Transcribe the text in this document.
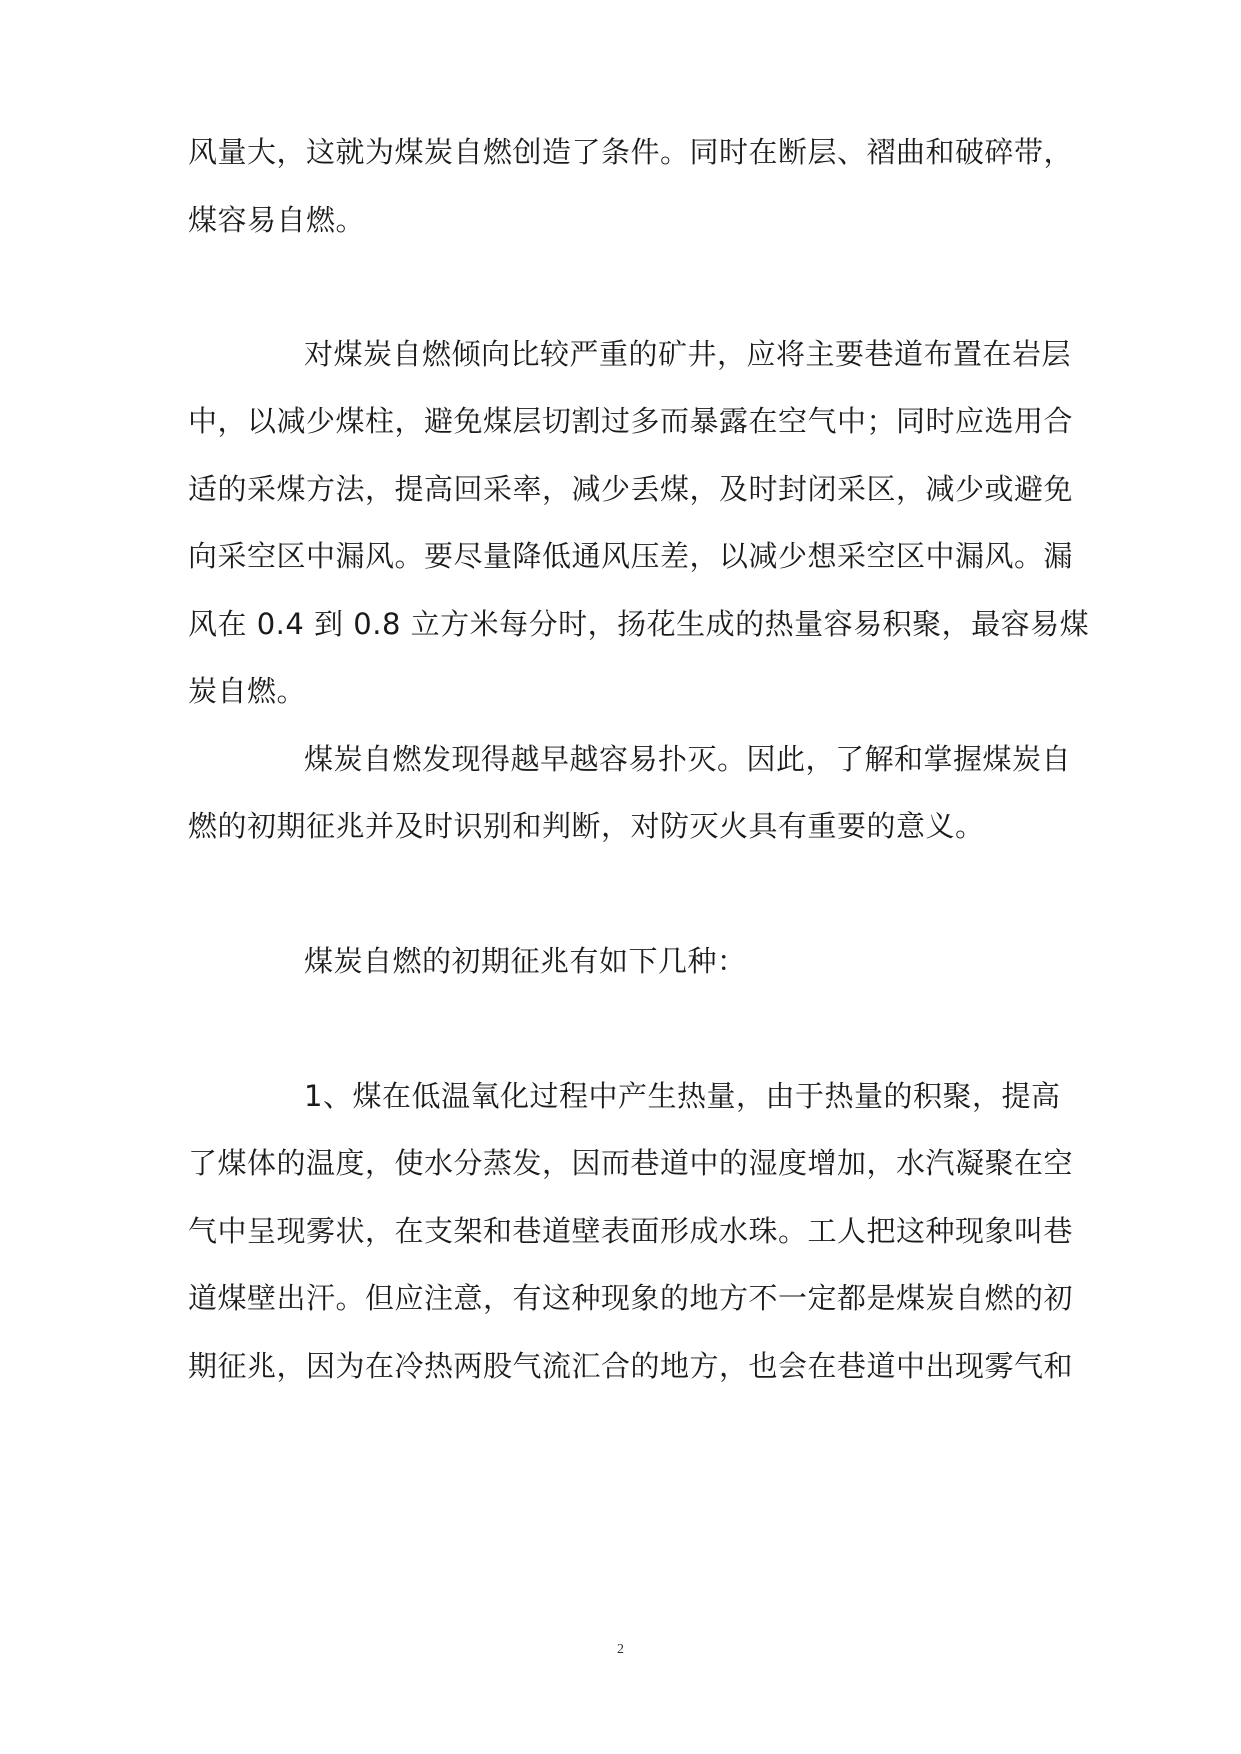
风量大，这就为煤炭自燃创造了条件。同时在断层、褶曲和破碎带，
煤容易自燃。
对煤炭自燃倾向比较严重的矿井，应将主要巷道布置在岩层
中，以减少煤柱，避免煤层切割过多而暴露在空气中；同时应选用合
适的采煤方法，提高回采率，减少丢煤，及时封闭采区，减少或避免
向采空区中漏风。要尽量降低通风压差，以减少想采空区中漏风。漏
风在 0.4 到 0.8 立方米每分时，扬花生成的热量容易积聚，最容易煤
炭自燃。
煤炭自燃发现得越早越容易扑灭。因此，了解和掌握煤炭自
燃的初期征兆并及时识别和判断，对防灭火具有重要的意义。
煤炭自燃的初期征兆有如下几种：
1、煤在低温氧化过程中产生热量，由于热量的积聚，提高
了煤体的温度，使水分蒸发，因而巷道中的湿度增加，水汽凝聚在空
气中呈现雾状，在支架和巷道壁表面形成水珠。工人把这种现象叫巷
道煤壁出汗。但应注意，有这种现象的地方不一定都是煤炭自燃的初
期征兆，因为在冷热两股气流汇合的地方，也会在巷道中出现雾气和
2
